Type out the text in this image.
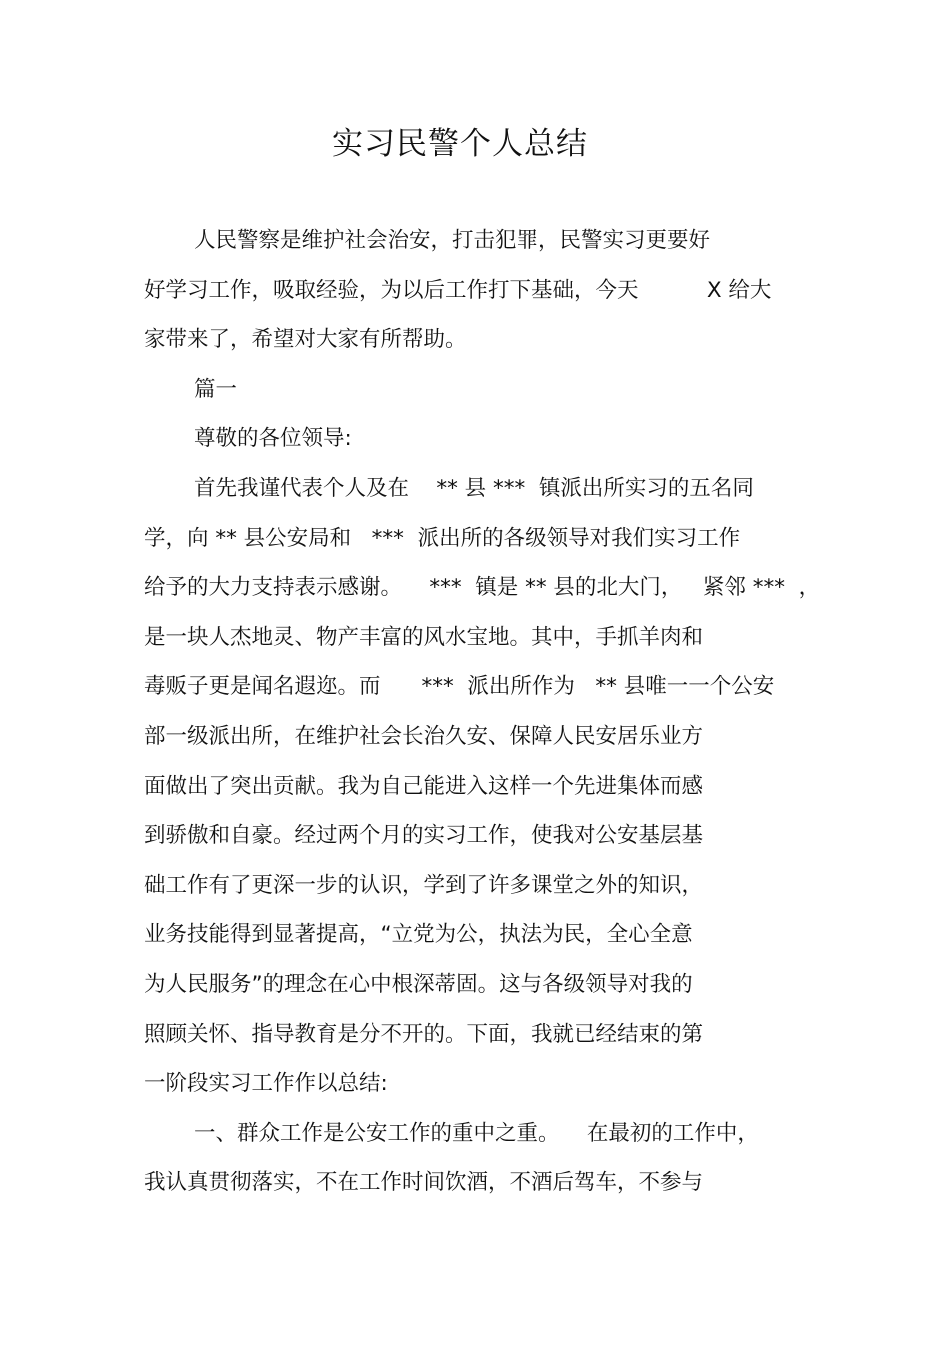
实习民警个人总结
人民警察是维护社会治安，打击犯罪，民警实习更要好
好学习工作，吸取经验，为以后工作打下基础，今天          X 给大
家带来了，希望对大家有所帮助。
篇一
尊敬的各位领导:
首先我谨代表个人及在    ** 县 ***  镇派出所实习的五名同
学，向 ** 县公安局和   ***  派出所的各级领导对我们实习工作
给予的大力支持表示感谢。    ***  镇是 ** 县的北大门，   紧邻 ***  ，
是一块人杰地灵、物产丰富的风水宝地。其中，手抓羊肉和
毒贩子更是闻名遐迩。而      ***  派出所作为   ** 县唯一一个公安
部一级派出所，在维护社会长治久安、保障人民安居乐业方
面做出了突出贡献。我为自己能进入这样一个先进集体而感
到骄傲和自豪。经过两个月的实习工作，使我对公安基层基
础工作有了更深一步的认识，学到了许多课堂之外的知识，
业务技能得到显著提高，“立党为公，执法为民，全心全意
为人民服务”的理念在心中根深蒂固。这与各级领导对我的
照顾关怀、指导教育是分不开的。下面，我就已经结束的第
一阶段实习工作作以总结:
一、群众工作是公安工作的重中之重。    在最初的工作中，
我认真贯彻落实，不在工作时间饮酒，不酒后驾车，不参与
